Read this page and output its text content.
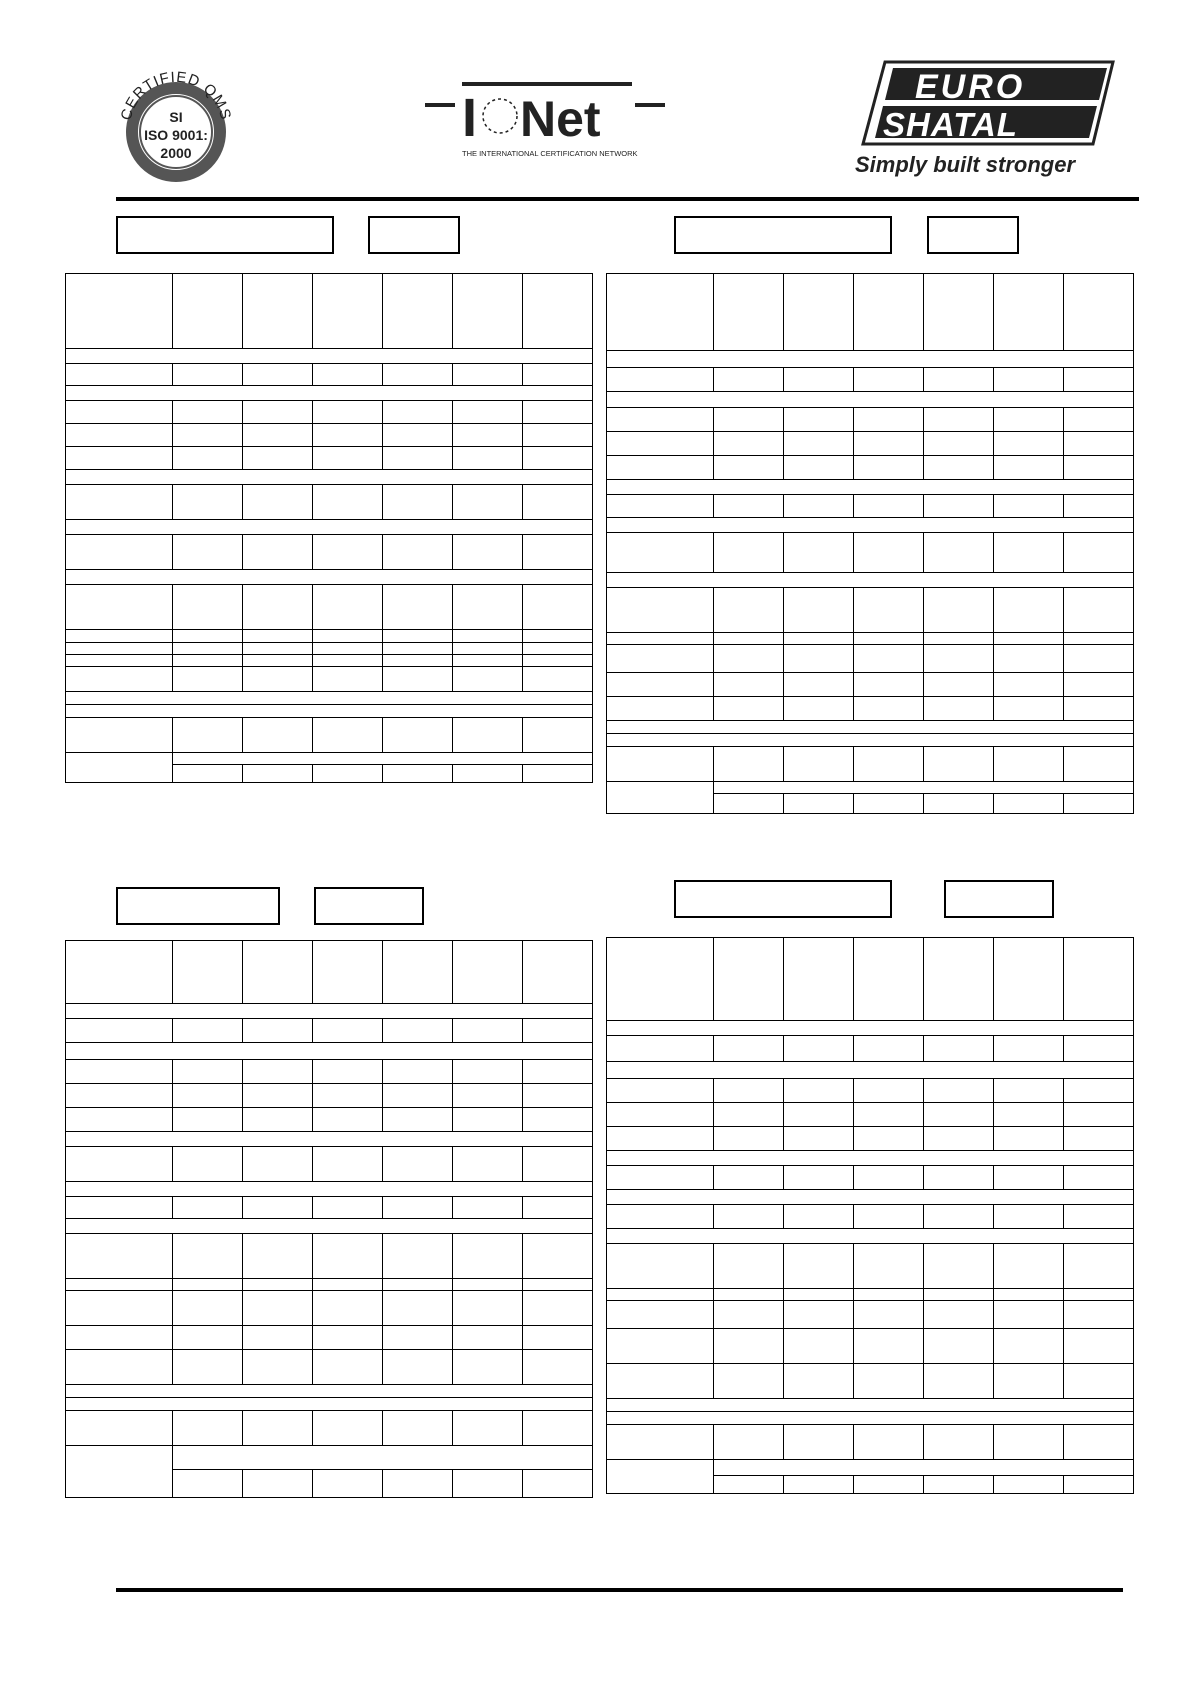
CERTIFIED QMS
SI
ISO 9001:
2000
I Net
THE INTERNATIONAL CERTIFICATION NETWORK
EURO
SHATAL
Simply built stronger
